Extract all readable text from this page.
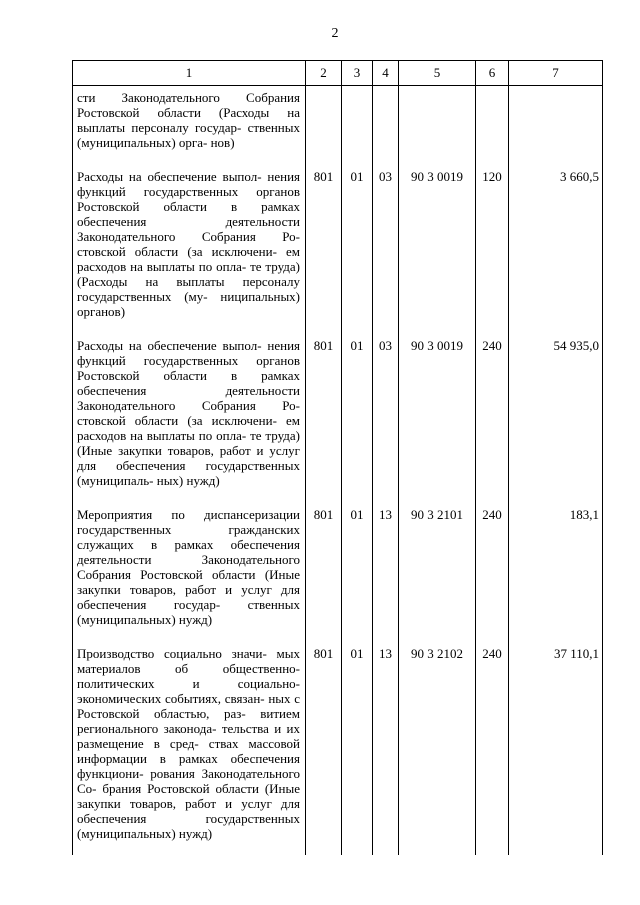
2
1	2	3	4	5	6	7
сти Законодательного Собрания Ростовской области (Расходы на выплаты персоналу государ- ственных (муниципальных) орга- нов)						
Расходы на обеспечение выпол- нения функций государственных органов Ростовской области в рамках обеспечения деятельности Законодательного Собрания Ро- стовской области (за исключени- ем расходов на выплаты по опла- те труда) (Расходы на выплаты персоналу государственных (му- ниципальных) органов)	801	01	03	90 3 0019	120	3 660,5
Расходы на обеспечение выпол- нения функций государственных органов Ростовской области в рамках обеспечения деятельности Законодательного Собрания Ро- стовской области (за исключени- ем расходов на выплаты по опла- те труда) (Иные закупки товаров, работ и услуг для обеспечения государственных (муниципаль- ных) нужд)	801	01	03	90 3 0019	240	54 935,0
Мероприятия по диспансеризации государственных гражданских служащих в рамках обеспечения деятельности Законодательного Собрания Ростовской области (Иные закупки товаров, работ и услуг для обеспечения государ- ственных (муниципальных) нужд)	801	01	13	90 3 2101	240	183,1
Производство социально значи- мых материалов об общественно- политических и социально- экономических событиях, связан- ных с Ростовской областью, раз- витием регионального законода- тельства и их размещение в сред- ствах массовой информации в рамках обеспечения функциони- рования Законодательного Со- брания Ростовской области (Иные закупки товаров, работ и услуг для обеспечения государственных (муниципальных) нужд)	801	01	13	90 3 2102	240	37 110,1
